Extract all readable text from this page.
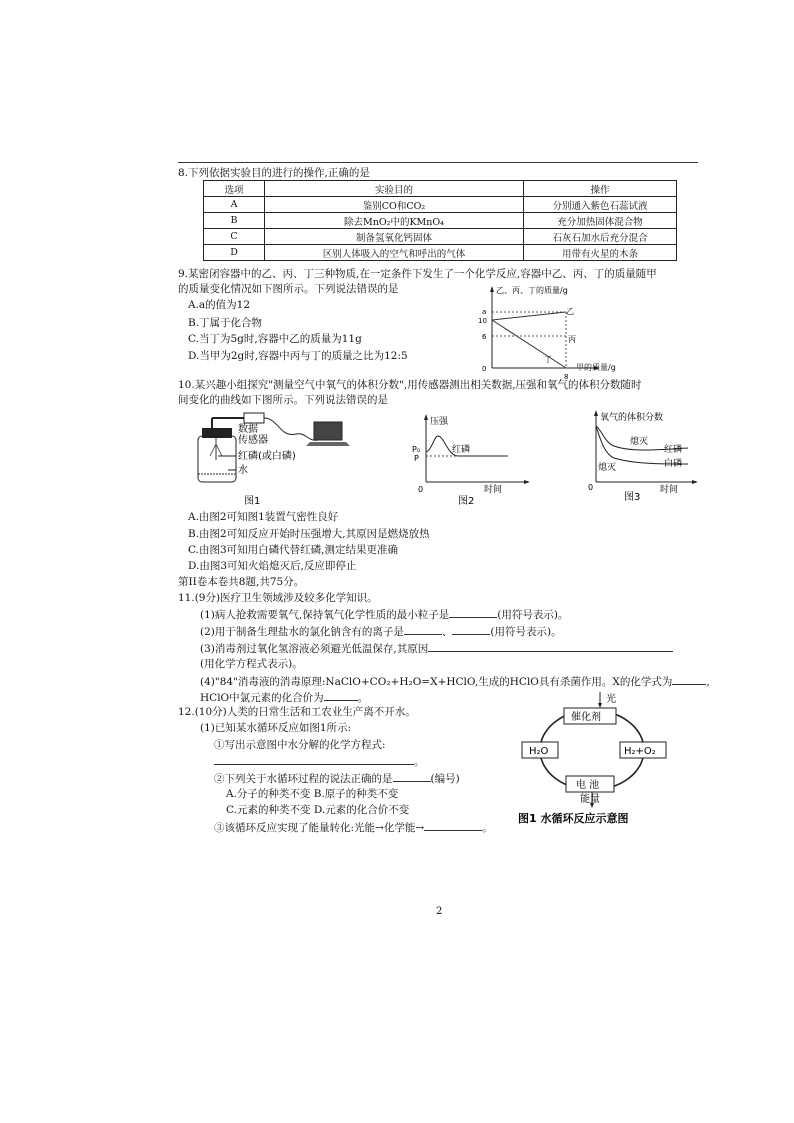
8.下列依据实验目的进行的操作,正确的是
选项	实验目的	操作
A	鉴别CO和CO₂	分别通入紫色石蕊试液
B	除去MnO₂中的KMnO₄	充分加热固体混合物
C	制备氢氧化钙固体	石灰石加水后充分混合
D	区别人体吸入的空气和呼出的气体	用带有火星的木条
9.某密闭容器中的乙、丙、丁三种物质,在一定条件下发生了一个化学反应,容器中乙、丙、丁的质量随甲
的质量变化情况如下图所示。下列说法错误的是
A.a的值为12
B.丁属于化合物
C.当丁为5g时,容器中乙的质量为11g
D.当甲为2g时,容器中丙与丁的质量之比为12:5
乙、丙、丁的质量/g
a
10
6
0
乙
丙
丁
8
甲的质量/g
10.某兴趣小组探究"测量空气中氧气的体积分数",用传感器测出相关数据,压强和氧气的体积分数随时
间变化的曲线如下图所示。下列说法错误的是
数据
传感器
红磷(或白磷)
水
图1
压强
P₀
P
红磷
0	时间
图2
氧气的体积分数
熄灭
红磷
熄灭	白磷
0	时间
图3
A.由图2可知图1装置气密性良好
B.由图2可知反应开始时压强增大,其原因是燃烧放热
C.由图3可知用白磷代替红磷,测定结果更准确
D.由图3可知火焰熄灭后,反应即停止
第II卷本卷共8题,共75分。
11.(9分)医疗卫生领域涉及较多化学知识。
(1)病人抢救需要氧气,保持氧气化学性质的最小粒子是	(用符号表示)。
(2)用于制备生理盐水的氯化钠含有的离子是	、	(用符号表示)。
(3)消毒剂过氧化氢溶液必须避光低温保存,其原因
(用化学方程式表示)。
(4)"84"消毒液的消毒原理:NaClO+CO₂+H₂O=X+HClO,生成的HClO具有杀菌作用。X的化学式为	,
HClO中氯元素的化合价为	。
12.(10分)人类的日常生活和工农业生产离不开水。
(1)已知某水循环反应如图1所示:
①写出示意图中水分解的化学方程式:
。
②下列关于水循环过程的说法正确的是	(编号)
A.分子的种类不变 B.原子的种类不变
C.元素的种类不变 D.元素的化合价不变
③该循环反应实现了能量转化:光能→化学能→	。
光
催化剂
H₂O	H₂+O₂
电 池
能量
图1 水循环反应示意图
2
